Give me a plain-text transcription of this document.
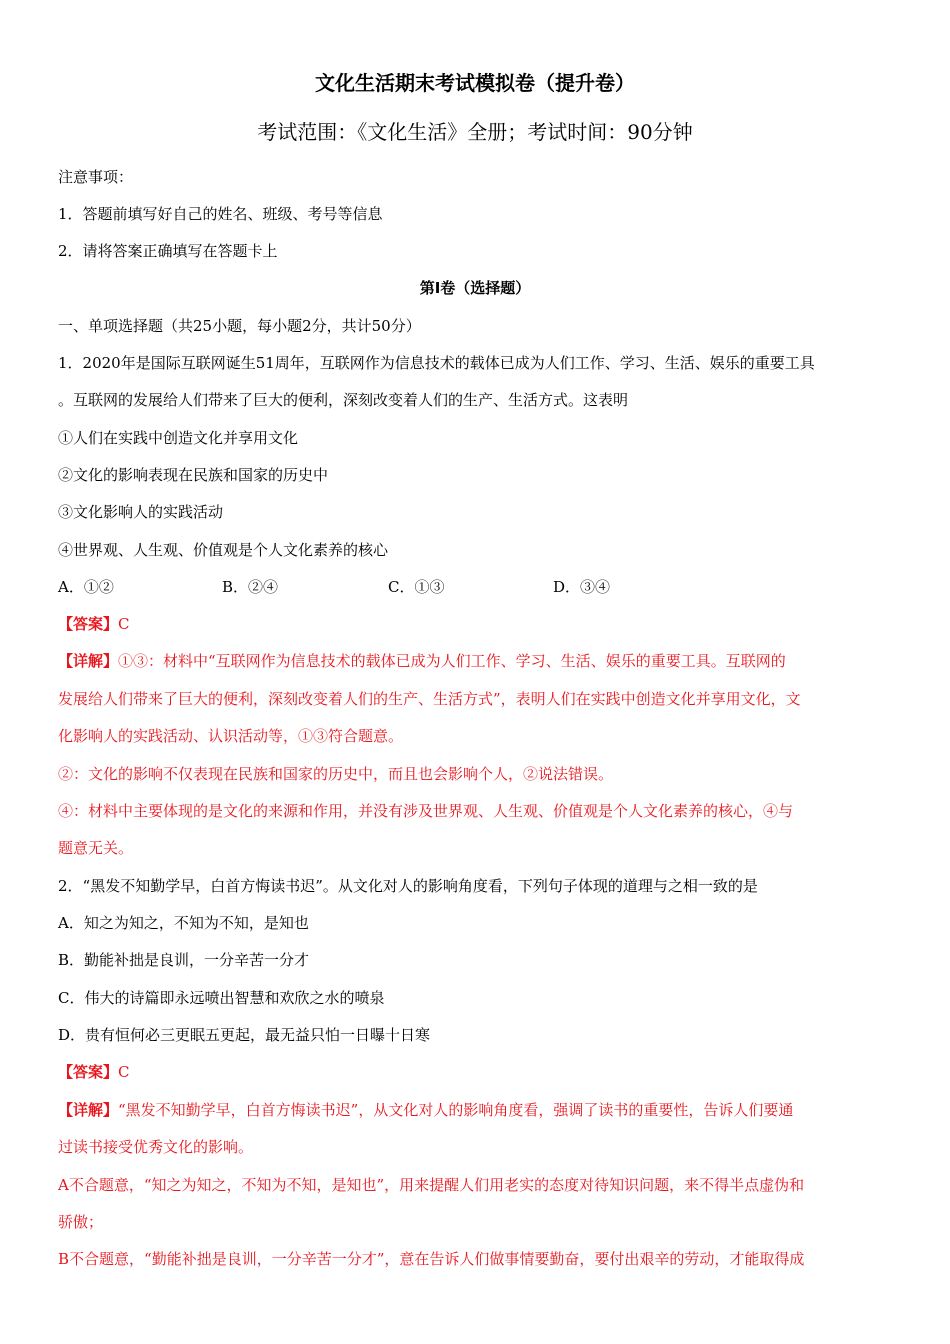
文化生活期末考试模拟卷（提升卷）
考试范围：《文化生活》全册；考试时间：90分钟
注意事项：
1．答题前填写好自己的姓名、班级、考号等信息
2．请将答案正确填写在答题卡上
第I卷（选择题）
一、单项选择题（共25小题，每小题2分，共计50分）
1．2020年是国际互联网诞生51周年，互联网作为信息技术的载体已成为人们工作、学习、生活、娱乐的重要工具
。互联网的发展给人们带来了巨大的便利，深刻改变着人们的生产、生活方式。这表明
①人们在实践中创造文化并享用文化
②文化的影响表现在民族和国家的历史中
③文化影响人的实践活动
④世界观、人生观、价值观是个人文化素养的核心
A．①②	B．②④	C．①③	D．③④
【答案】C
【详解】①③：材料中“互联网作为信息技术的载体已成为人们工作、学习、生活、娱乐的重要工具。互联网的
发展给人们带来了巨大的便利，深刻改变着人们的生产、生活方式”，表明人们在实践中创造文化并享用文化，文
化影响人的实践活动、认识活动等，①③符合题意。
②：文化的影响不仅表现在民族和国家的历史中，而且也会影响个人，②说法错误。
④：材料中主要体现的是文化的来源和作用，并没有涉及世界观、人生观、价值观是个人文化素养的核心，④与
题意无关。
2．“黑发不知勤学早，白首方悔读书迟”。从文化对人的影响角度看，下列句子体现的道理与之相一致的是
A．知之为知之，不知为不知，是知也
B．勤能补拙是良训，一分辛苦一分才
C．伟大的诗篇即永远喷出智慧和欢欣之水的喷泉
D．贵有恒何必三更眠五更起，最无益只怕一日曝十日寒
【答案】C
【详解】“黑发不知勤学早，白首方悔读书迟”，从文化对人的影响角度看，强调了读书的重要性，告诉人们要通
过读书接受优秀文化的影响。
A不合题意，“知之为知之，不知为不知，是知也”，用来提醒人们用老实的态度对待知识问题，来不得半点虚伪和
骄傲；
B不合题意，“勤能补拙是良训，一分辛苦一分才”，意在告诉人们做事情要勤奋，要付出艰辛的劳动，才能取得成
